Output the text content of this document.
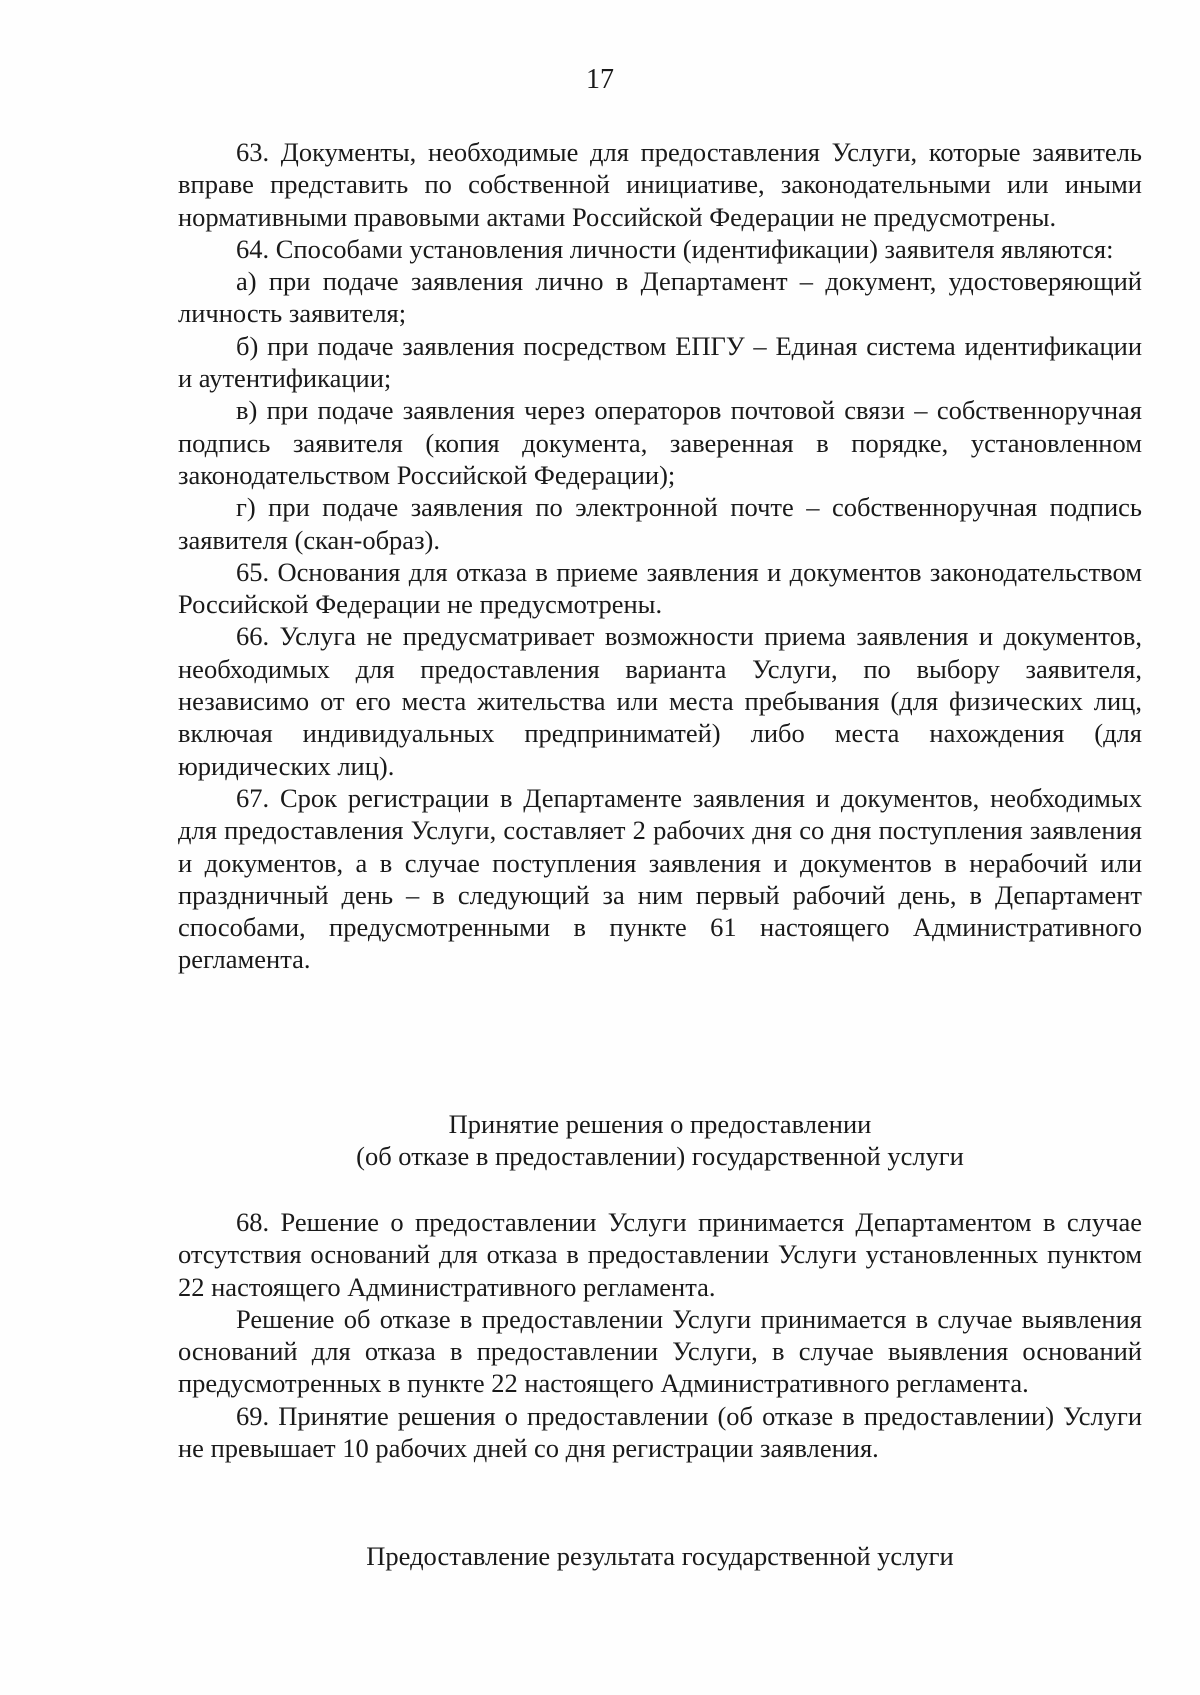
17

63. Документы, необходимые для предоставления Услуги, которые заявитель вправе представить по собственной инициативе, законодательными или иными нормативными правовыми актами Российской Федерации не предусмотрены.

64. Способами установления личности (идентификации) заявителя являются:

а) при подаче заявления лично в Департамент – документ, удостоверяющий личность заявителя;

б) при подаче заявления посредством ЕПГУ – Единая система идентификации и аутентификации;

в) при подаче заявления через операторов почтовой связи – собственноручная подпись заявителя (копия документа, заверенная в порядке, установленном законодательством Российской Федерации);

г) при подаче заявления по электронной почте – собственноручная подпись заявителя (скан-образ).

65. Основания для отказа в приеме заявления и документов законодательством Российской Федерации не предусмотрены.

66. Услуга не предусматривает возможности приема заявления и документов, необходимых для предоставления варианта Услуги, по выбору заявителя, независимо от его места жительства или места пребывания (для физических лиц, включая индивидуальных предприниматей) либо места нахождения (для юридических лиц).

67. Срок регистрации в Департаменте заявления и документов, необходимых для предоставления Услуги, составляет 2 рабочих дня со дня поступления заявления и документов, а в случае поступления заявления и документов в нерабочий или праздничный день – в следующий за ним первый рабочий день, в Департамент способами, предусмотренными в пункте 61 настоящего Административного регламента.

Принятие решения о предоставлении
(об отказе в предоставлении) государственной услуги

68. Решение о предоставлении Услуги принимается Департаментом в случае отсутствия оснований для отказа в предоставлении Услуги установленных пунктом 22 настоящего Административного регламента.

Решение об отказе в предоставлении Услуги принимается в случае выявления оснований для отказа в предоставлении Услуги, в случае выявления оснований предусмотренных в пункте 22 настоящего Административного регламента.

69. Принятие решения о предоставлении (об отказе в предоставлении) Услуги не превышает 10 рабочих дней со дня регистрации заявления.

Предоставление результата государственной услуги
